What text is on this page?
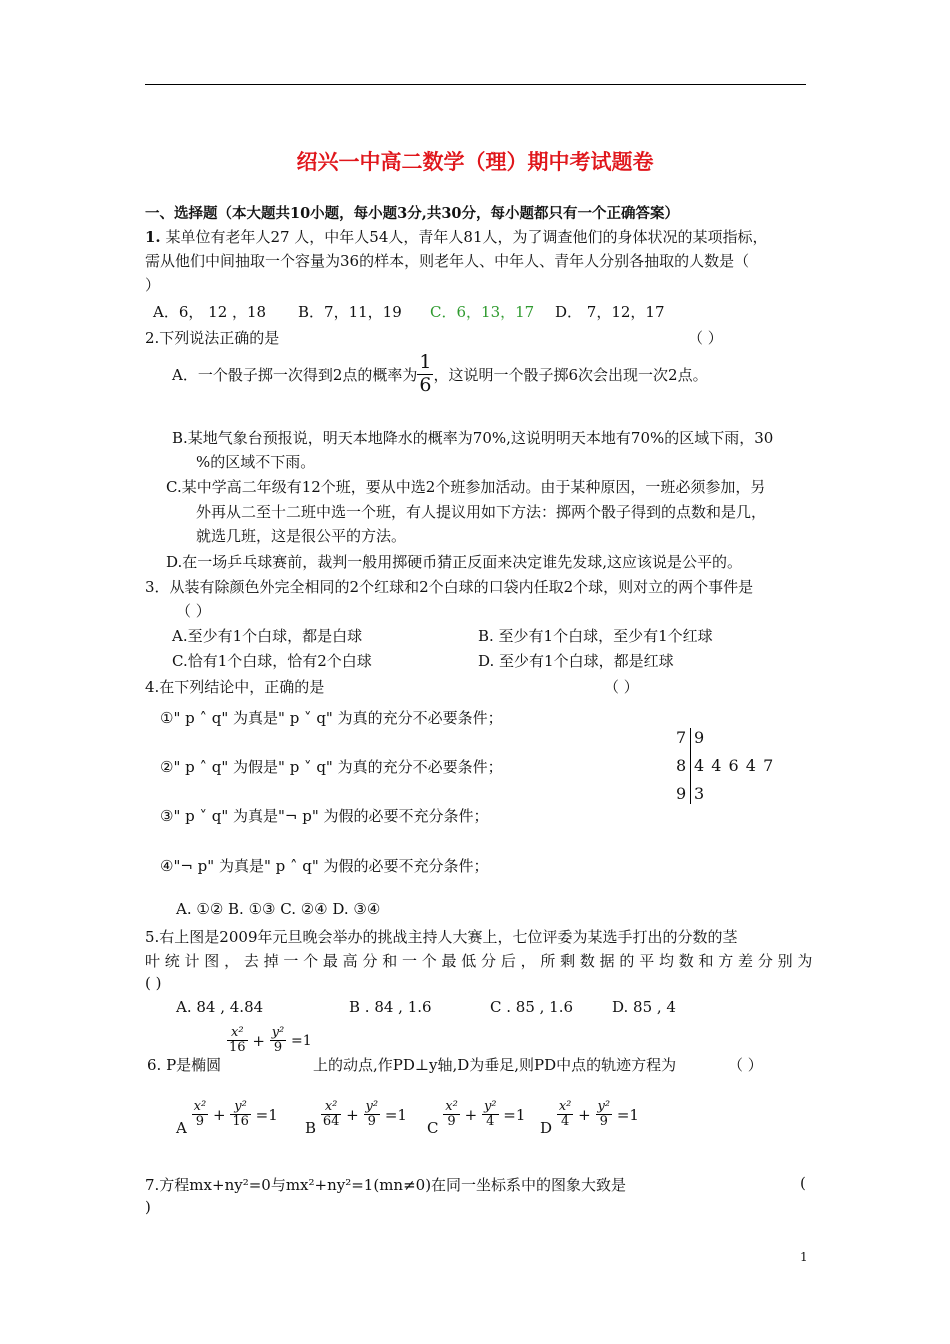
绍兴一中高二数学（理）期中考试题卷
一、选择题（本大题共10小题，每小题3分,共30分，每小题都只有一个正确答案）
1. 某单位有老年人27 人，中年人54人，青年人81人，为了调查他们的身体状况的某项指标，
需从他们中间抽取一个容量为36的样本，则老年人、中年人、青年人分别各抽取的人数是（
）
A．6， 12 ，18 B．7，11，19 C．6，13，17 D． 7，12，17
2.下列说法正确的是	（ ）
A．一个骰子掷一次得到2点的概率为 $\frac{1}{6}$ ，这说明一个骰子掷6次会出现一次2点。
B.某地气象台预报说，明天本地降水的概率为70%,这说明明天本地有70%的区域下雨，30
%的区域不下雨。
C.某中学高二年级有12个班，要从中选2个班参加活动。由于某种原因，一班必须参加，另
外再从二至十二班中选一个班，有人提议用如下方法：掷两个骰子得到的点数和是几，
就选几班，这是很公平的方法。
D.在一场乒乓球赛前，裁判一般用掷硬币猜正反面来决定谁先发球,这应该说是公平的。
3．从装有除颜色外完全相同的2个红球和2个白球的口袋内任取2个球，则对立的两个事件是
（ ）
A.至少有1个白球，都是白球	B. 至少有1个白球，至少有1个红球
C.恰有1个白球，恰有2个白球	D. 至少有1个白球，都是红球
4.在下列结论中，正确的是	（ ）
①" p ˄ q" 为真是" p ˅ q" 为真的充分不必要条件；
②" p ˄ q" 为假是" p ˅ q" 为真的充分不必要条件；
③" p ˅ q" 为真是"¬ p" 为假的必要不充分条件；
④"¬ p" 为真是" p ˄ q" 为假的必要不充分条件；
A. ①② B. ①③ C. ②④ D. ③④
7 9
8 4 4 6 4 7
9 3
5.右上图是2009年元旦晚会举办的挑战主持人大赛上，七位评委为某选手打出的分数的茎
叶 统 计 图 ， 去 掉 一 个 最 高 分 和 一 个 最 低 分 后 ， 所 剩 数 据 的 平 均 数 和 方 差 分 别 为
( )
A. 84 , 4.84	B . 84 , 1.6	C . 85 , 1.6	D. 85 , 4
6. P是椭圆
$\frac{\text{x²}}{16} + \frac{\text{y²}}{9} =1$
上的动点,作PD⊥y轴,D为垂足,则PD中点的轨迹方程为	（ ）
A $\frac{\text{x²}}{9} + \frac{\text{y²}}{16} =1$
B $\frac{\text{x²}}{64} + \frac{\text{y²}}{9} =1$
C $\frac{\text{x²}}{9} + \frac{\text{y²}}{4} =1$
D $\frac{\text{x²}}{4} + \frac{\text{y²}}{9} =1$
7.方程mx+ny²=0与mx²+ny²=1(mn≠0)在同一坐标系中的图象大致是	(
)
1
